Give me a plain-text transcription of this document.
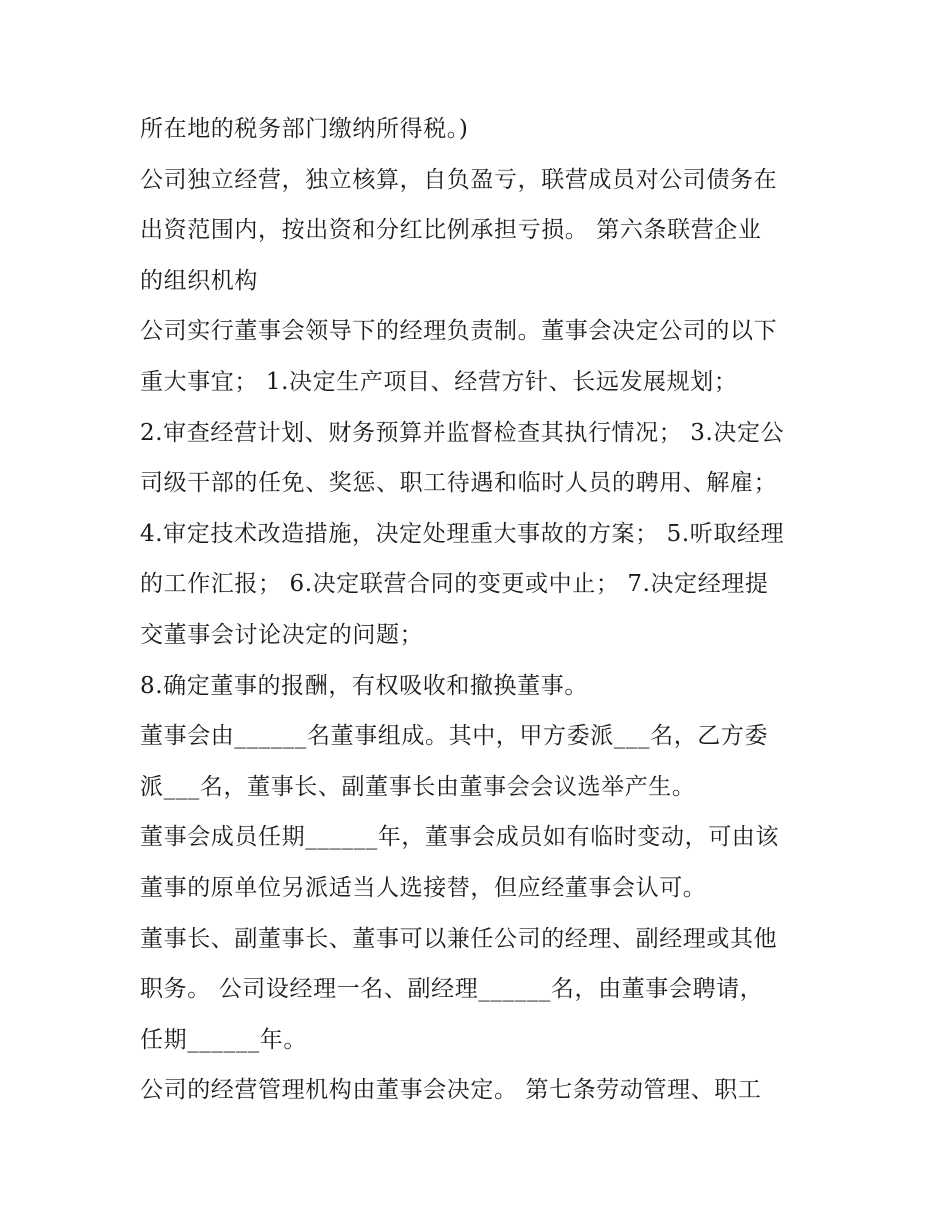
所在地的税务部门缴纳所得税。)
公司独立经营，独立核算，自负盈亏，联营成员对公司债务在
出资范围内，按出资和分红比例承担亏损。 第六条联营企业
的组织机构
公司实行董事会领导下的经理负责制。董事会决定公司的以下
重大事宜； 1.决定生产项目、经营方针、长远发展规划；
2.审查经营计划、财务预算并监督检查其执行情况； 3.决定公
司级干部的任免、奖惩、职工待遇和临时人员的聘用、解雇；
4.审定技术改造措施，决定处理重大事故的方案； 5.听取经理
的工作汇报； 6.决定联营合同的变更或中止； 7.决定经理提
交董事会讨论决定的问题；
8.确定董事的报酬，有权吸收和撤换董事。
董事会由______名董事组成。其中，甲方委派___名，乙方委
派___名，董事长、副董事长由董事会会议选举产生。
董事会成员任期______年，董事会成员如有临时变动，可由该
董事的原单位另派适当人选接替，但应经董事会认可。
董事长、副董事长、董事可以兼任公司的经理、副经理或其他
职务。 公司设经理一名、副经理______名，由董事会聘请，
任期______年。
公司的经营管理机构由董事会决定。 第七条劳动管理、职工
